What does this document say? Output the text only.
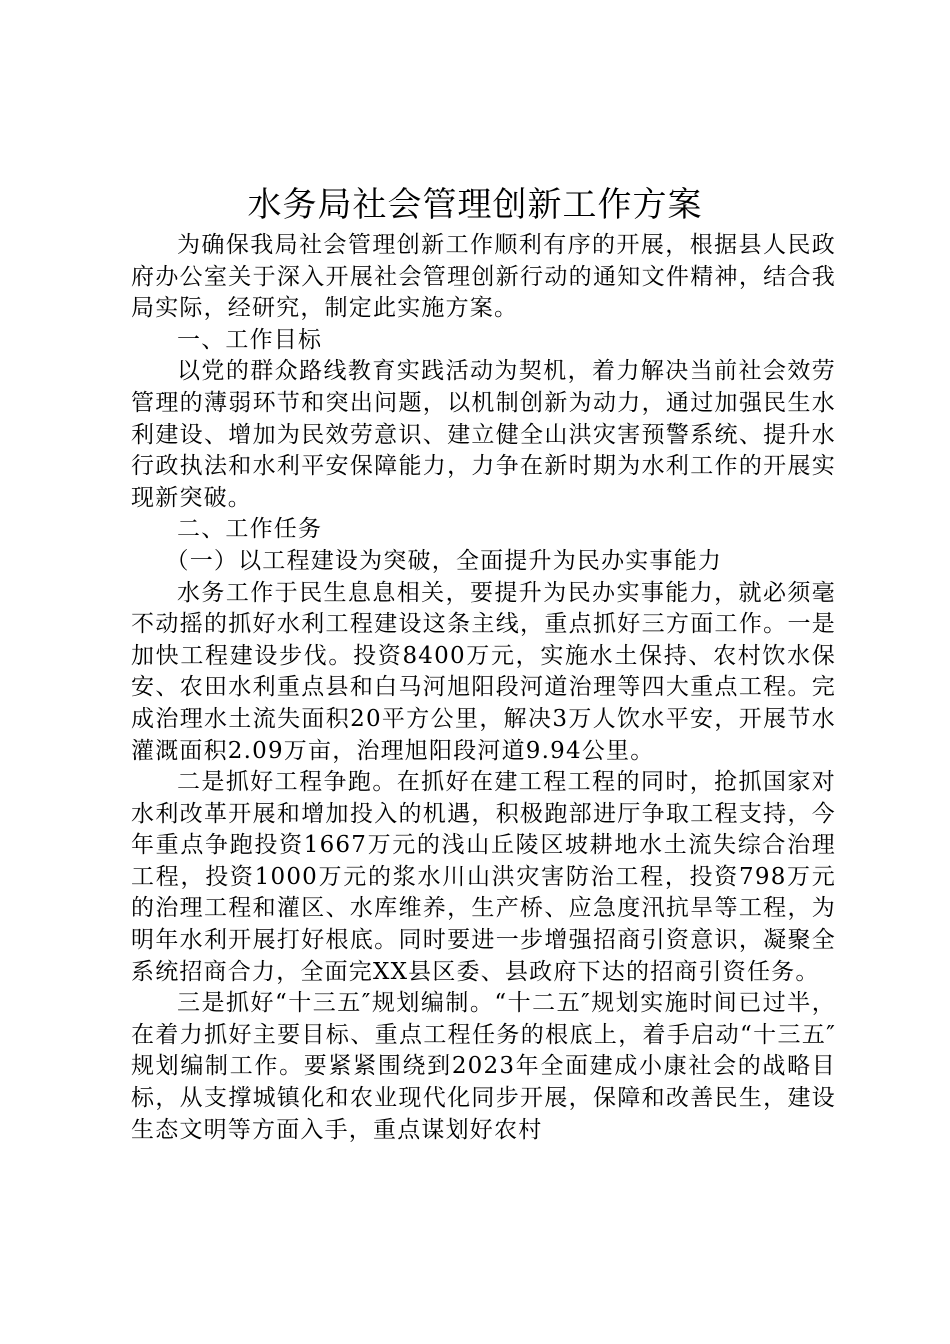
水务局社会管理创新工作方案

为确保我局社会管理创新工作顺利有序的开展，根据县人民政府办公室关于深入开展社会管理创新行动的通知文件精神，结合我局实际，经研究，制定此实施方案。

一、工作目标

以党的群众路线教育实践活动为契机，着力解决当前社会效劳管理的薄弱环节和突出问题，以机制创新为动力，通过加强民生水利建设、增加为民效劳意识、建立健全山洪灾害预警系统、提升水行政执法和水利平安保障能力，力争在新时期为水利工作的开展实现新突破。

二、工作任务

（一）以工程建设为突破，全面提升为民办实事能力

水务工作于民生息息相关，要提升为民办实事能力，就必须毫不动摇的抓好水利工程建设这条主线，重点抓好三方面工作。一是加快工程建设步伐。投资8400万元，实施水土保持、农村饮水保安、农田水利重点县和白马河旭阳段河道治理等四大重点工程。完成治理水土流失面积20平方公里，解决3万人饮水平安，开展节水灌溉面积2.09万亩，治理旭阳段河道9.94公里。

二是抓好工程争跑。在抓好在建工程工程的同时，抢抓国家对水利改革开展和增加投入的机遇，积极跑部进厅争取工程支持，今年重点争跑投资1667万元的浅山丘陵区坡耕地水土流失综合治理工程，投资1000万元的浆水川山洪灾害防治工程，投资798万元的治理工程和灌区、水库维养，生产桥、应急度汛抗旱等工程，为明年水利开展打好根底。同时要进一步增强招商引资意识，凝聚全系统招商合力，全面完XX县区委、县政府下达的招商引资任务。

三是抓好“十三五″规划编制。“十二五″规划实施时间已过半，在着力抓好主要目标、重点工程任务的根底上，着手启动“十三五″规划编制工作。要紧紧围绕到2023年全面建成小康社会的战略目标，从支撑城镇化和农业现代化同步开展，保障和改善民生，建设生态文明等方面入手，重点谋划好农村
